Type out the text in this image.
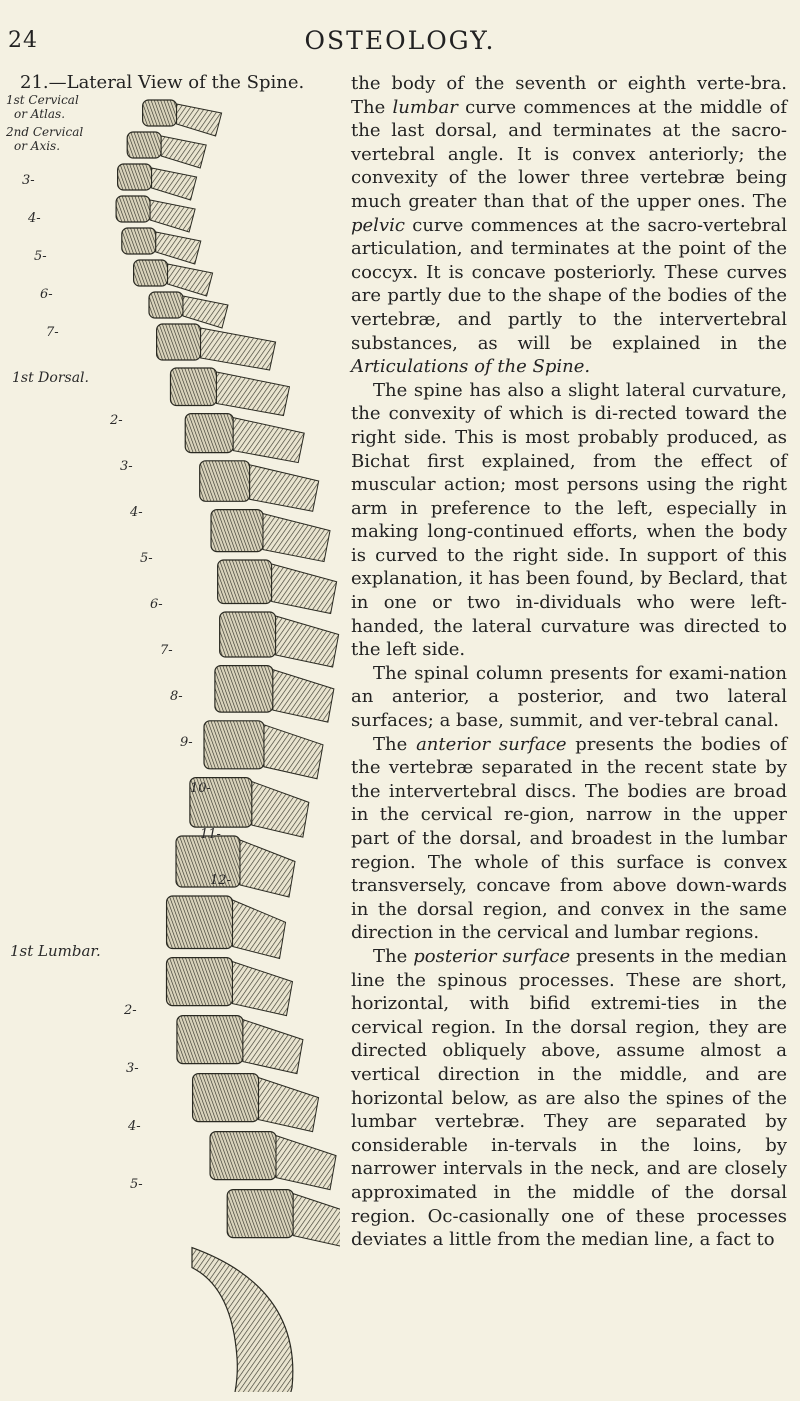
24	OSTEOLOGY.
21.—Lateral View of the Spine.
1st Cervical
or Atlas.
2nd Cervical
or Axis.
1st Dorsal.
1st Lumbar.
3-
4-
5-
6-
7-
2-
3-
4-
5-
6-
7-
8-
9-
10-
11-
12-
2-
3-
4-
5-

the body of the seventh or eighth verte-bra. The lumbar curve commences at the middle of the last dorsal, and terminates at the sacro-vertebral angle. It is convex anteriorly; the convexity of the lower three vertebræ being much greater than that of the upper ones. The pelvic curve commences at the sacro-vertebral articulation, and terminates at the point of the coccyx. It is concave posteriorly. These curves are partly due to the shape of the bodies of the vertebræ, and partly to the intervertebral substances, as will be explained in the Articulations of the Spine.

The spine has also a slight lateral curvature, the convexity of which is di-rected toward the right side. This is most probably produced, as Bichat first explained, from the effect of muscular action; most persons using the right arm in preference to the left, especially in making long-continued efforts, when the body is curved to the right side. In support of this explanation, it has been found, by Beclard, that in one or two in-dividuals who were left-handed, the lateral curvature was directed to the left side.

The spinal column presents for exami-nation an anterior, a posterior, and two lateral surfaces; a base, summit, and ver-tebral canal.

The anterior surface presents the bodies of the vertebræ separated in the recent state by the intervertebral discs. The bodies are broad in the cervical re-gion, narrow in the upper part of the dorsal, and broadest in the lumbar region. The whole of this surface is convex transversely, concave from above down-wards in the dorsal region, and convex in the same direction in the cervical and lumbar regions.

The posterior surface presents in the median line the spinous processes. These are short, horizontal, with bifid extremi-ties in the cervical region. In the dorsal region, they are directed obliquely above, assume almost a vertical direction in the middle, and are horizontal below, as are also the spines of the lumbar vertebræ. They are separated by considerable in-tervals in the loins, by narrower intervals in the neck, and are closely approximated in the middle of the dorsal region. Oc-casionally one of these processes deviates a little from the median line, a fact to
